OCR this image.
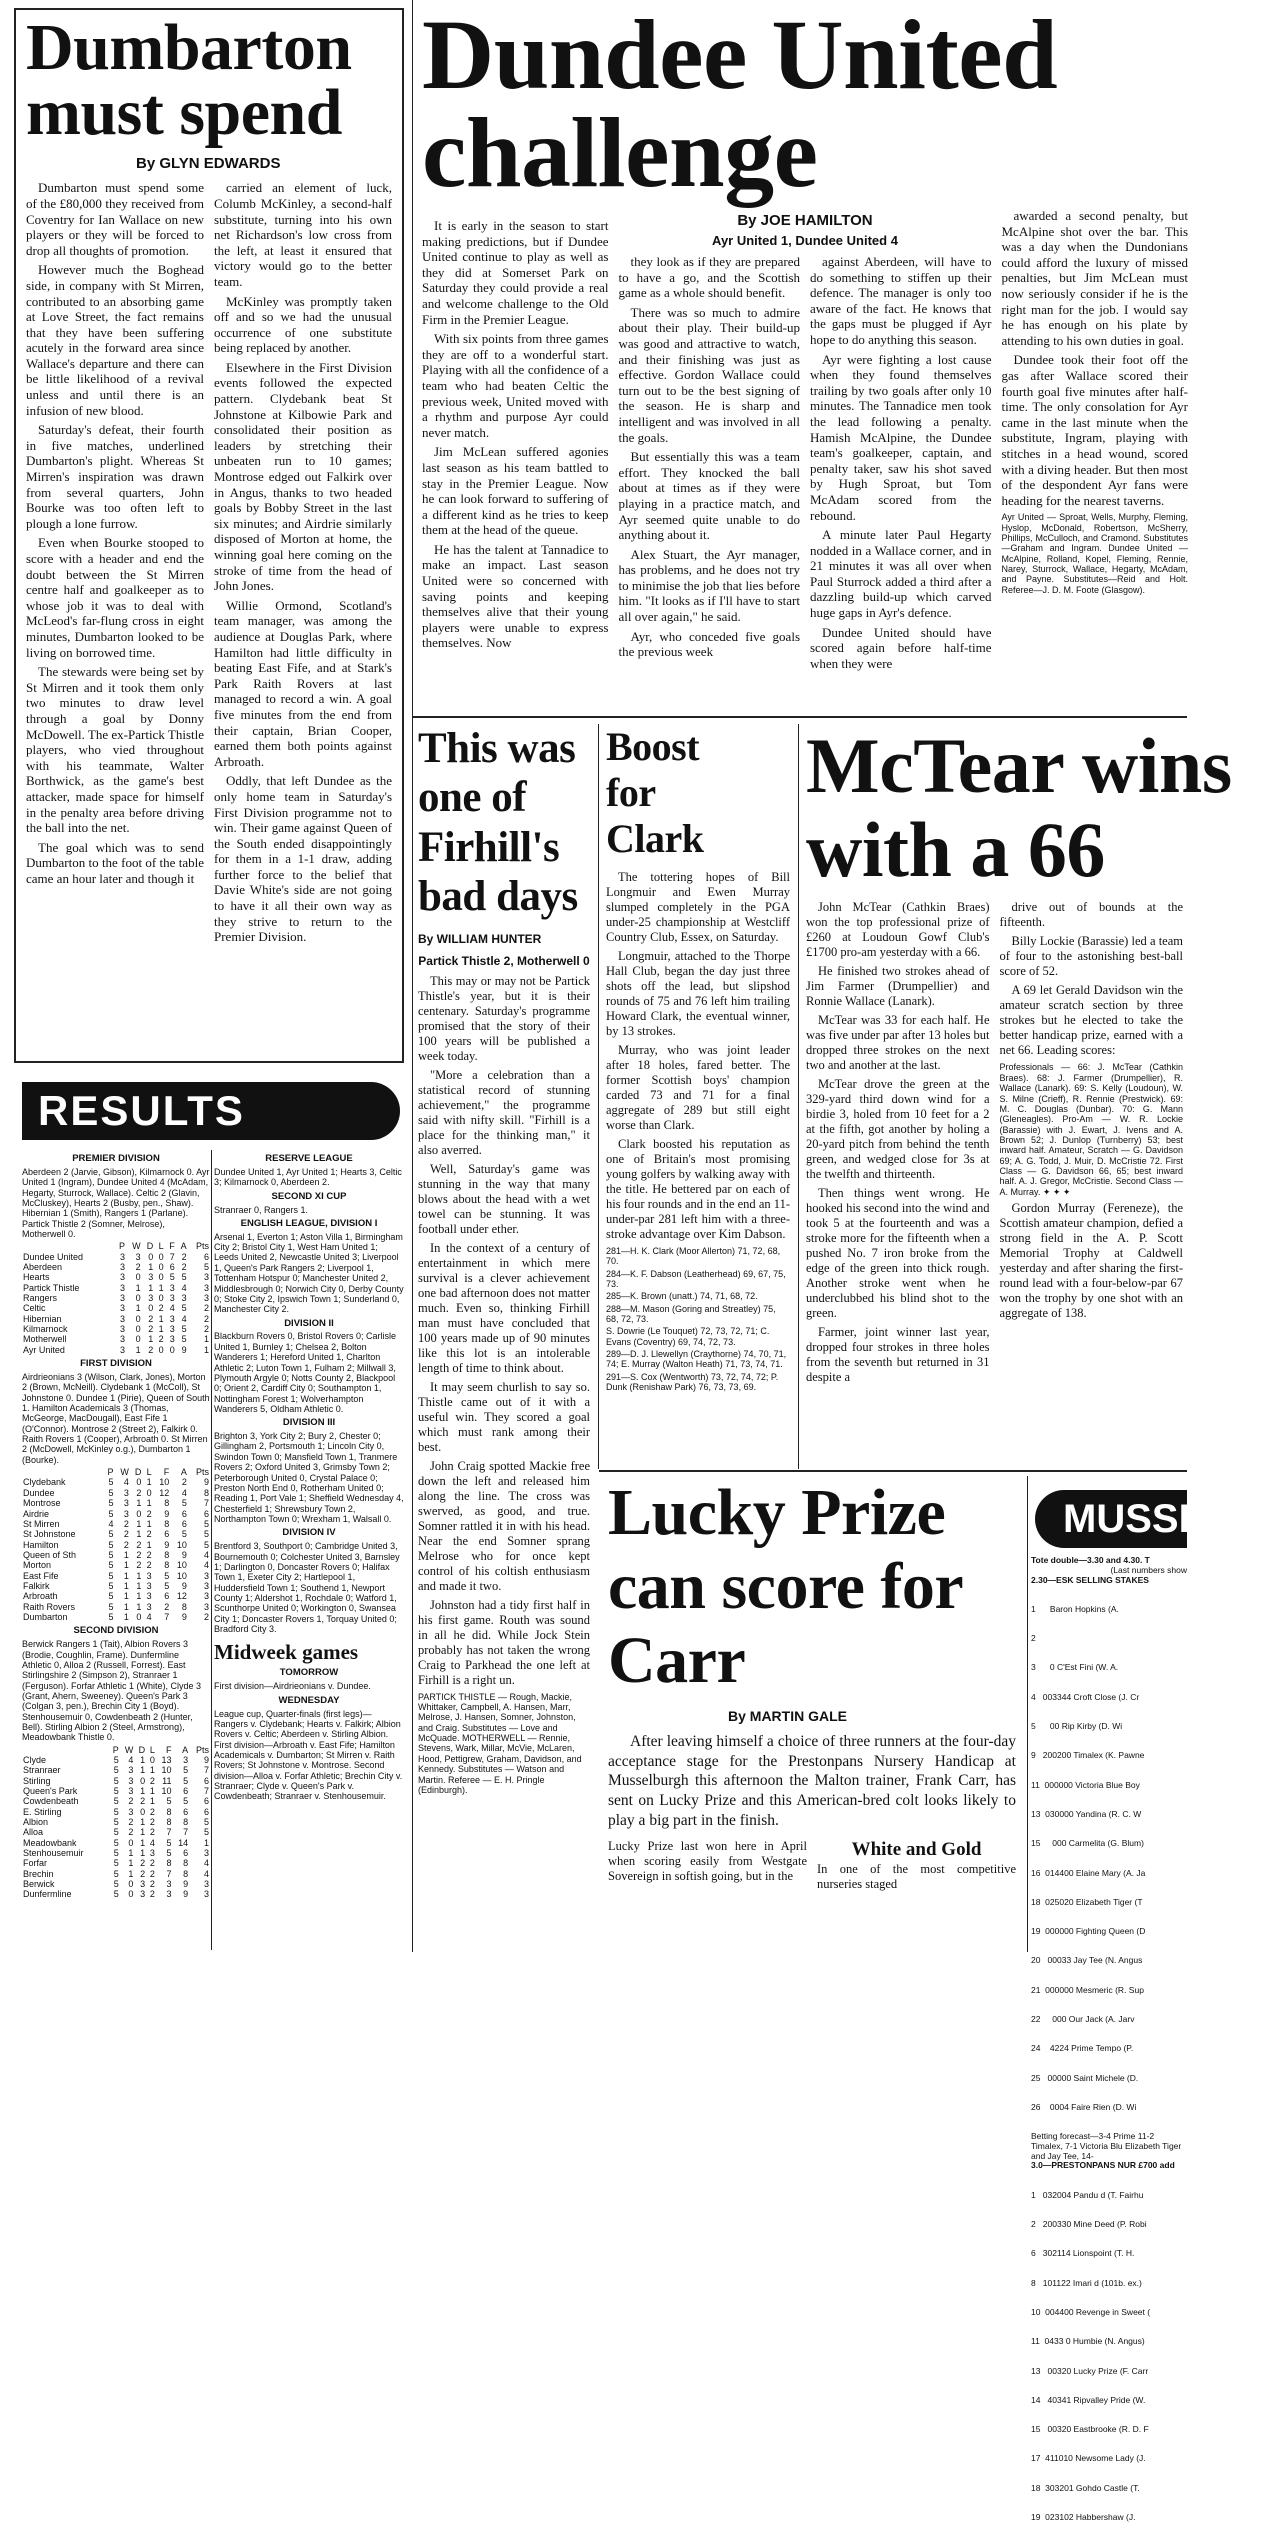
Dumbarton must spend
By GLYN EDWARDS

Dumbarton must spend some of the £80,000 they received from Coventry for Ian Wallace on new players or they will be forced to drop all thoughts of promotion.

However much the Boghead side, in company with St Mirren, contributed to an absorbing game at Love Street, the fact remains that they have been suffering acutely in the forward area since Wallace's departure and there can be little likelihood of a revival unless and until there is an infusion of new blood.

Saturday's defeat, their fourth in five matches, underlined Dumbarton's plight. Whereas St Mirren's inspiration was drawn from several quarters, John Bourke was too often left to plough a lone furrow.

Even when Bourke stooped to score with a header and end the doubt between the St Mirren centre half and goalkeeper as to whose job it was to deal with McLeod's far-flung cross in eight minutes, Dumbarton looked to be living on borrowed time.

The stewards were being set by St Mirren and it took them only two minutes to draw level through a goal by Donny McDowell. The ex-Partick Thistle players, who vied throughout with his teammate, Walter Borthwick, as the game's best attacker, made space for himself in the penalty area before driving the ball into the net.

The goal which was to send Dumbarton to the foot of the table came an hour later and though it

carried an element of luck, Columb McKinley, a second-half substitute, turning into his own net Richardson's low cross from the left, at least it ensured that victory would go to the better team.

McKinley was promptly taken off and so we had the unusual occurrence of one substitute being replaced by another.

Elsewhere in the First Division events followed the expected pattern. Clydebank beat St Johnstone at Kilbowie Park and consolidated their position as leaders by stretching their unbeaten run to 10 games; Montrose edged out Falkirk over in Angus, thanks to two headed goals by Bobby Street in the last six minutes; and Airdrie similarly disposed of Morton at home, the winning goal here coming on the stroke of time from the head of John Jones.

Willie Ormond, Scotland's team manager, was among the audience at Douglas Park, where Hamilton had little difficulty in beating East Fife, and at Stark's Park Raith Rovers at last managed to record a win. A goal five minutes from the end from their captain, Brian Cooper, earned them both points against Arbroath.

Oddly, that left Dundee as the only home team in Saturday's First Division programme not to win. Their game against Queen of the South ended disappointingly for them in a 1-1 draw, adding further force to the belief that Davie White's side are not going to have it all their own way as they strive to return to the Premier Division.

Dundee United challenge

It is early in the season to start making predictions, but if Dundee United continue to play as well as they did at Somerset Park on Saturday they could provide a real and welcome challenge to the Old Firm in the Premier League.

With six points from three games they are off to a wonderful start. Playing with all the confidence of a team who had beaten Celtic the previous week, United moved with a rhythm and purpose Ayr could never match.

Jim McLean suffered agonies last season as his team battled to stay in the Premier League. Now he can look forward to suffering of a different kind as he tries to keep them at the head of the queue.

He has the talent at Tannadice to make an impact. Last season United were so concerned with saving points and keeping themselves alive that their young players were unable to express themselves. Now

By JOE HAMILTON
Ayr United 1, Dundee United 4

they look as if they are prepared to have a go, and the Scottish game as a whole should benefit.

There was so much to admire about their play. Their build-up was good and attractive to watch, and their finishing was just as effective. Gordon Wallace could turn out to be the best signing of the season. He is sharp and intelligent and was involved in all the goals.

But essentially this was a team effort. They knocked the ball about at times as if they were playing in a practice match, and Ayr seemed quite unable to do anything about it.

Alex Stuart, the Ayr manager, has problems, and he does not try to minimise the job that lies before him. "It looks as if I'll have to start all over again," he said.

Ayr, who conceded five goals the previous week

against Aberdeen, will have to do something to stiffen up their defence. The manager is only too aware of the fact. He knows that the gaps must be plugged if Ayr hope to do anything this season.

Ayr were fighting a lost cause when they found themselves trailing by two goals after only 10 minutes. The Tannadice men took the lead following a penalty. Hamish McAlpine, the Dundee team's goalkeeper, captain, and penalty taker, saw his shot saved by Hugh Sproat, but Tom McAdam scored from the rebound.

A minute later Paul Hegarty nodded in a Wallace corner, and in 21 minutes it was all over when Paul Sturrock added a third after a dazzling build-up which carved huge gaps in Ayr's defence.

Dundee United should have scored again before half-time when they were

awarded a second penalty, but McAlpine shot over the bar. This was a day when the Dundonians could afford the luxury of missed penalties, but Jim McLean must now seriously consider if he is the right man for the job. I would say he has enough on his plate by attending to his own duties in goal.

Dundee took their foot off the gas after Wallace scored their fourth goal five minutes after half-time. The only consolation for Ayr came in the last minute when the substitute, Ingram, playing with stitches in a head wound, scored with a diving header. But then most of the despondent Ayr fans were heading for the nearest taverns.

Ayr United — Sproat, Wells, Murphy, Fleming, Hyslop, McDonald, Robertson, McSherry, Phillips, McCulloch, and Cramond. Substitutes—Graham and Ingram. Dundee United — McAlpine, Rolland, Kopel, Fleming, Rennie, Narey, Sturrock, Wallace, Hegarty, McAdam, and Payne. Substitutes—Reid and Holt. Referee—J. D. M. Foote (Glasgow).
This was one of Firhill's bad days
By WILLIAM HUNTER
Partick Thistle 2, Motherwell 0

This may or may not be Partick Thistle's year, but it is their centenary. Saturday's programme promised that the story of their 100 years will be published a week today.

"More a celebration than a statistical record of stunning achievement," the programme said with nifty skill. "Firhill is a place for the thinking man," it also averred.

Well, Saturday's game was stunning in the way that many blows about the head with a wet towel can be stunning. It was football under ether.

In the context of a century of entertainment in which mere survival is a clever achievement one bad afternoon does not matter much. Even so, thinking Firhill man must have concluded that 100 years made up of 90 minutes like this lot is an intolerable length of time to think about.

It may seem churlish to say so. Thistle came out of it with a useful win. They scored a goal which must rank among their best.

John Craig spotted Mackie free down the left and released him along the line. The cross was swerved, as good, and true. Somner rattled it in with his head. Near the end Somner sprang Melrose who for once kept control of his coltish enthusiasm and made it two.

Johnston had a tidy first half in his first game. Routh was sound in all he did. While Jock Stein probably has not taken the wrong Craig to Parkhead the one left at Firhill is a right un.

PARTICK THISTLE — Rough, Mackie, Whittaker, Campbell, A. Hansen, Marr, Melrose, J. Hansen, Somner, Johnston, and Craig. Substitutes — Love and McQuade. MOTHERWELL — Rennie, Stevens, Wark, Millar, McVie, McLaren, Hood, Pettigrew, Graham, Davidson, and Kennedy. Substitutes — Watson and Martin. Referee — E. H. Pringle (Edinburgh).
Boost for Clark

The tottering hopes of Bill Longmuir and Ewen Murray slumped completely in the PGA under-25 championship at Westcliff Country Club, Essex, on Saturday.

Longmuir, attached to the Thorpe Hall Club, began the day just three shots off the lead, but slipshod rounds of 75 and 76 left him trailing Howard Clark, the eventual winner, by 13 strokes.

Murray, who was joint leader after 18 holes, fared better. The former Scottish boys' champion carded 73 and 71 for a final aggregate of 289 but still eight worse than Clark.

Clark boosted his reputation as one of Britain's most promising young golfers by walking away with the title. He bettered par on each of his four rounds and in the end an 11-under-par 281 left him with a three-stroke advantage over Kim Dabson.

281—H. K. Clark (Moor Allerton) 71, 72, 68, 70.

284—K. F. Dabson (Leatherhead) 69, 67, 75, 73.

285—K. Brown (unatt.) 74, 71, 68, 72.

288—M. Mason (Goring and Streatley) 75, 68, 72, 73.

S. Dowrie (Le Touquet) 72, 73, 72, 71; C. Evans (Coventry) 69, 74, 72, 73.

289—D. J. Llewellyn (Craythorne) 74, 70, 71, 74; E. Murray (Walton Heath) 71, 73, 74, 71.

291—S. Cox (Wentworth) 73, 72, 74, 72; P. Dunk (Renishaw Park) 76, 73, 73, 69.

McTear wins with a 66

John McTear (Cathkin Braes) won the top professional prize of £260 at Loudoun Gowf Club's £1700 pro-am yesterday with a 66.

He finished two strokes ahead of Jim Farmer (Drumpellier) and Ronnie Wallace (Lanark).

McTear was 33 for each half. He was five under par after 13 holes but dropped three strokes on the next two and another at the last.

McTear drove the green at the 329-yard third down wind for a birdie 3, holed from 10 feet for a 2 at the fifth, got another by holing a 20-yard pitch from behind the tenth green, and wedged close for 3s at the twelfth and thirteenth.

Then things went wrong. He hooked his second into the wind and took 5 at the fourteenth and was a stroke more for the fifteenth when a pushed No. 7 iron broke from the edge of the green into thick rough. Another stroke went when he underclubbed his blind shot to the green.

Farmer, joint winner last year, dropped four strokes in three holes from the seventh but returned in 31 despite a

drive out of bounds at the fifteenth.

Billy Lockie (Barassie) led a team of four to the astonishing best-ball score of 52.

A 69 let Gerald Davidson win the amateur scratch section by three strokes but he elected to take the better handicap prize, earned with a net 66. Leading scores:

Professionals — 66: J. McTear (Cathkin Braes). 68: J. Farmer (Drumpellier), R. Wallace (Lanark). 69: S. Kelly (Loudoun), W. S. Milne (Crieff), R. Rennie (Prestwick). 69: M. C. Douglas (Dunbar). 70: G. Mann (Gleneagles). Pro-Am — W. R. Lockie (Barassie) with J. Ewart, J. Ivens and A. Brown 52; J. Dunlop (Turnberry) 53; best inward half. Amateur, Scratch — G. Davidson 69; A. G. Todd, J. Muir, D. McCristie 72. First Class — G. Davidson 66, 65; best inward half. A. J. Gregor, McCristie. Second Class — A. Murray. ✦ ✦ ✦

Gordon Murray (Fereneze), the Scottish amateur champion, defied a strong field in the A. P. Scott Memorial Trophy at Caldwell yesterday and after sharing the first-round lead with a four-below-par 67 won the trophy by one shot with an aggregate of 138.

Lucky Prize can score for Carr
By MARTIN GALE
After leaving himself a choice of three runners at the four-day acceptance stage for the Prestonpans Nursery Handicap at Musselburgh this afternoon the Malton trainer, Frank Carr, has sent on Lucky Prize and this American-bred colt looks likely to play a big part in the finish.
Lucky Prize last won here in April when scoring easily from Westgate Sovereign in softish going, but in the
White and Gold
In one of the most competitive nurseries staged
MUSSE
Tote double—3.30 and 4.30. T
(Last numbers show
2.30—ESK SELLING STAKES

1      Baron Hopkins (A.

2

3      0 C'Est Fini (W. A.

4   003344 Croft Close (J. Cr

5      00 Rip Kirby (D. Wi

9   200200 Timalex (K. Pawne

11  000000 Victoria Blue Boy

13  030000 Yandina (R. C. W

15     000 Carmelita (G. Blum)

16  014400 Elaine Mary (A. Ja

18  025020 Elizabeth Tiger (T

19  000000 Fighting Queen (D

20   00033 Jay Tee (N. Angus

21  000000 Mesmeric (R. Sup

22     000 Our Jack (A. Jarv

24    4224 Prime Tempo (P.

25   00000 Saint Michele (D.

26    0004 Faire Rien (D. Wi

Betting forecast—3-4 Prime 11-2 Timalex, 7-1 Victoria Blu Elizabeth Tiger and Jay Tee, 14-
3.0—PRESTONPANS NUR £700 add

1   032004 Pandu d (T. Fairhu

2   200330 Mine Deed (P. Robi

6   302114 Lionspoint (T. H.

8   101122 Imari d (101b. ex.)

10  004400 Revenge in Sweet (

11  0433 0 Humbie (N. Angus)

13   00320 Lucky Prize (F. Carr

14   40341 Ripvalley Pride (W.

15   00320 Eastbrooke (R. D. F

17  411010 Newsome Lady (J.

18  303201 Gohdo Castle (T.

19  023102 Habbershaw (J.

RESULTS
PREMIER DIVISION

Aberdeen 2 (Jarvie, Gibson), Kilmarnock 0. Ayr United 1 (Ingram), Dundee United 4 (McAdam, Hegarty, Sturrock, Wallace). Celtic 2 (Glavin, McCluskey), Hearts 2 (Busby, pen., Shaw). Hibernian 1 (Smith), Rangers 1 (Parlane). Partick Thistle 2 (Somner, Melrose), Motherwell 0.

	P	W	D	L	F	A	Pts
Dundee United	3	3	0	0	7	2	6
Aberdeen	3	2	1	0	6	2	5
Hearts	3	0	3	0	5	5	3
Partick Thistle	3	1	1	1	3	4	3
Rangers	3	0	3	0	3	3	3
Celtic	3	1	0	2	4	5	2
Hibernian	3	0	2	1	3	4	2
Kilmarnock	3	0	2	1	3	5	2
Motherwell	3	0	1	2	3	5	1
Ayr United	3	1	2	0	0	9	1
FIRST DIVISION

Airdrieonians 3 (Wilson, Clark, Jones), Morton 2 (Brown, McNeill). Clydebank 1 (McColl), St Johnstone 0. Dundee 1 (Pirie), Queen of South 1. Hamilton Academicals 3 (Thomas, McGeorge, MacDougall), East Fife 1 (O'Connor). Montrose 2 (Street 2), Falkirk 0. Raith Rovers 1 (Cooper), Arbroath 0. St Mirren 2 (McDowell, McKinley o.g.), Dumbarton 1 (Bourke).

	P	W	D	L	F	A	Pts
Clydebank	5	4	0	1	10	2	9
Dundee	5	3	2	0	12	4	8
Montrose	5	3	1	1	8	5	7
Airdrie	5	3	0	2	9	6	6
St Mirren	4	2	1	1	8	6	5
St Johnstone	5	2	1	2	6	5	5
Hamilton	5	2	2	1	9	10	5
Queen of Sth	5	1	2	2	8	9	4
Morton	5	1	2	2	8	10	4
East Fife	5	1	1	3	5	10	3
Falkirk	5	1	1	3	5	9	3
Arbroath	5	1	1	3	6	12	3
Raith Rovers	5	1	1	3	2	8	3
Dumbarton	5	1	0	4	7	9	2
SECOND DIVISION

Berwick Rangers 1 (Tait), Albion Rovers 3 (Brodie, Coughlin, Frame). Dunfermline Athletic 0, Alloa 2 (Russell, Forrest). East Stirlingshire 2 (Simpson 2), Stranraer 1 (Ferguson). Forfar Athletic 1 (White), Clyde 3 (Grant, Ahern, Sweeney). Queen's Park 3 (Colgan 3, pen.), Brechin City 1 (Boyd). Stenhousemuir 0, Cowdenbeath 2 (Hunter, Bell). Stirling Albion 2 (Steel, Armstrong), Meadowbank Thistle 0.

	P	W	D	L	F	A	Pts
Clyde	5	4	1	0	13	3	9
Stranraer	5	3	1	1	10	5	7
Stirling	5	3	0	2	11	5	6
Queen's Park	5	3	1	1	10	6	7
Cowdenbeath	5	2	2	1	5	5	6
E. Stirling	5	3	0	2	8	6	6
Albion	5	2	1	2	8	8	5
Alloa	5	2	1	2	7	7	5
Meadowbank	5	0	1	4	5	14	1
Stenhousemuir	5	1	1	3	5	6	3
Forfar	5	1	2	2	8	8	4
Brechin	5	1	2	2	7	8	4
Berwick	5	0	3	2	3	9	3
Dunfermline	5	0	3	2	3	9	3
RESERVE LEAGUE

Dundee United 1, Ayr United 1; Hearts 3, Celtic 3; Kilmarnock 0, Aberdeen 2.

SECOND XI CUP

Stranraer 0, Rangers 1.

ENGLISH LEAGUE, DIVISION I

Arsenal 1, Everton 1; Aston Villa 1, Birmingham City 2; Bristol City 1, West Ham United 1; Leeds United 2, Newcastle United 3; Liverpool 1, Queen's Park Rangers 2; Liverpool 1, Tottenham Hotspur 0; Manchester United 2, Middlesbrough 0; Norwich City 0, Derby County 0; Stoke City 2, Ipswich Town 1; Sunderland 0, Manchester City 2.

DIVISION II

Blackburn Rovers 0, Bristol Rovers 0; Carlisle United 1, Burnley 1; Chelsea 2, Bolton Wanderers 1; Hereford United 1, Charlton Athletic 2; Luton Town 1, Fulham 2; Millwall 3, Plymouth Argyle 0; Notts County 2, Blackpool 0; Orient 2, Cardiff City 0; Southampton 1, Nottingham Forest 1; Wolverhampton Wanderers 5, Oldham Athletic 0.

DIVISION III

Brighton 3, York City 2; Bury 2, Chester 0; Gillingham 2, Portsmouth 1; Lincoln City 0, Swindon Town 0; Mansfield Town 1, Tranmere Rovers 2; Oxford United 3, Grimsby Town 2; Peterborough United 0, Crystal Palace 0; Preston North End 0, Rotherham United 0; Reading 1, Port Vale 1; Sheffield Wednesday 4, Chesterfield 1; Shrewsbury Town 2, Northampton Town 0; Wrexham 1, Walsall 0.

DIVISION IV

Brentford 3, Southport 0; Cambridge United 3, Bournemouth 0; Colchester United 3, Barnsley 1; Darlington 0, Doncaster Rovers 0; Halifax Town 1, Exeter City 2; Hartlepool 1, Huddersfield Town 1; Southend 1, Newport County 1; Aldershot 1, Rochdale 0; Watford 1, Scunthorpe United 0; Workington 0, Swansea City 1; Doncaster Rovers 1, Torquay United 0; Bradford City 3.

Midweek games
TOMORROW

First division—Airdrieonians v. Dundee.

WEDNESDAY

League cup, Quarter-finals (first legs)—Rangers v. Clydebank; Hearts v. Falkirk; Albion Rovers v. Celtic; Aberdeen v. Stirling Albion. First division—Arbroath v. East Fife; Hamilton Academicals v. Dumbarton; St Mirren v. Raith Rovers; St Johnstone v. Montrose. Second division—Alloa v. Forfar Athletic; Brechin City v. Stranraer; Clyde v. Queen's Park v. Cowdenbeath; Stranraer v. Stenhousemuir.
